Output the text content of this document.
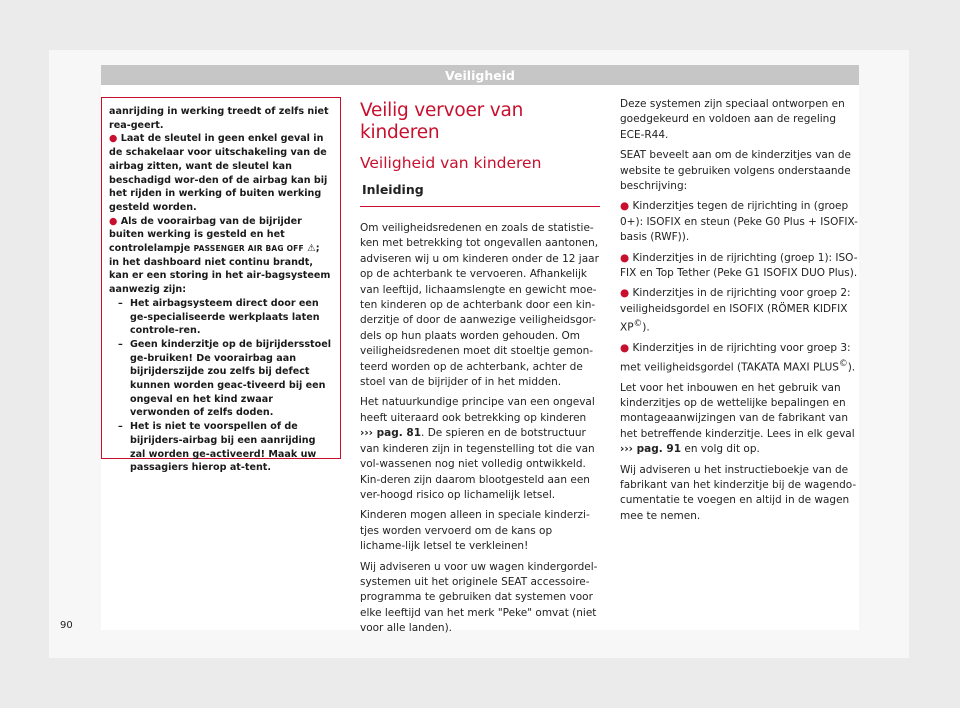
Veiligheid

aanrijding in werking treedt of zelfs niet rea-geert.

● Laat de sleutel in geen enkel geval in de schakelaar voor uitschakeling van de airbag zitten, want de sleutel kan beschadigd wor-den of de airbag kan bij het rijden in werking of buiten werking gesteld worden.

● Als de voorairbag van de bijrijder buiten werking is gesteld en het controlelampje PASSENGER AIR BAG OFF ⚠; in het dashboard niet continu brandt, kan er een storing in het air-bagsysteem aanwezig zijn:

– Het airbagsysteem direct door een ge-specialiseerde werkplaats laten controle-ren.

– Geen kinderzitje op de bijrijdersstoel ge-bruiken! De voorairbag aan bijrijderszijde zou zelfs bij defect kunnen worden geac-tiveerd bij een ongeval en het kind zwaar verwonden of zelfs doden.

– Het is niet te voorspellen of de bijrijders-airbag bij een aanrijding zal worden ge-activeerd! Maak uw passagiers hierop at-tent.

Veilig vervoer van kinderen
Veiligheid van kinderen
Inleiding

Om veiligheidsredenen en zoals de statistie-ken met betrekking tot ongevallen aantonen, adviseren wij u om kinderen onder de 12 jaar op de achterbank te vervoeren. Afhankelijk van leeftijd, lichaamslengte en gewicht moe-ten kinderen op de achterbank door een kin-derzitje of door de aanwezige veiligheidsgor-dels op hun plaats worden gehouden. Om veiligheidsredenen moet dit stoeltje gemon-teerd worden op de achterbank, achter de stoel van de bijrijder of in het midden.

Het natuurkundige principe van een ongeval heeft uiteraard ook betrekking op kinderen ››› pag. 81. De spieren en de botstructuur van kinderen zijn in tegenstelling tot die van vol-wassenen nog niet volledig ontwikkeld. Kin-deren zijn daarom blootgesteld aan een ver-hoogd risico op lichamelijk letsel.

Kinderen mogen alleen in speciale kinderzi-tjes worden vervoerd om de kans op lichame-lijk letsel te verkleinen!

Wij adviseren u voor uw wagen kindergordel-systemen uit het originele SEAT accessoire-programma te gebruiken dat systemen voor elke leeftijd van het merk "Peke" omvat (niet voor alle landen).

Deze systemen zijn speciaal ontworpen en goedgekeurd en voldoen aan de regeling ECE-R44.

SEAT beveelt aan om de kinderzitjes van de website te gebruiken volgens onderstaande beschrijving:

● Kinderzitjes tegen de rijrichting in (groep 0+): ISOFIX en steun (Peke G0 Plus + ISOFIX-basis (RWF)).

● Kinderzitjes in de rijrichting (groep 1): ISO-FIX en Top Tether (Peke G1 ISOFIX DUO Plus).

● Kinderzitjes in de rijrichting voor groep 2: veiligheidsgordel en ISOFIX (RÖMER KIDFIX XP©).

● Kinderzitjes in de rijrichting voor groep 3: met veiligheidsgordel (TAKATA MAXI PLUS©).

Let voor het inbouwen en het gebruik van kinderzitjes op de wettelijke bepalingen en montageaanwijzingen van de fabrikant van het betreffende kinderzitje. Lees in elk geval ››› pag. 91 en volg dit op.

Wij adviseren u het instructieboekje van de fabrikant van het kinderzitje bij de wagendo-cumentatie te voegen en altijd in de wagen mee te nemen.

90
